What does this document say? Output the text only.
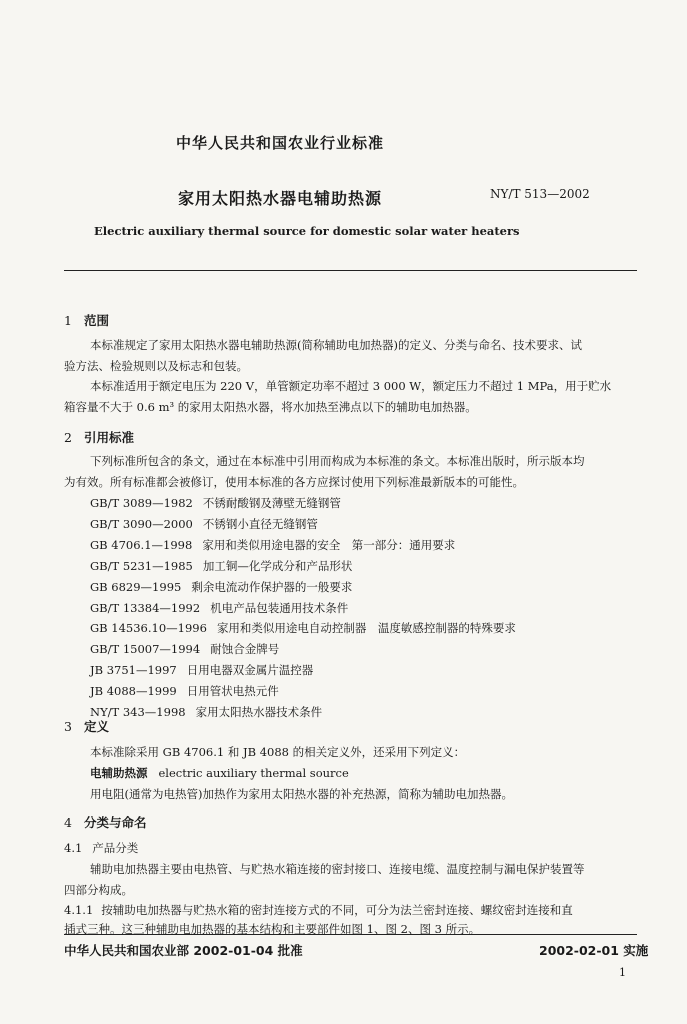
中华人民共和国农业行业标准
家用太阳热水器电辅助热源	NY/T 513—2002
Electric auxiliary thermal source for domestic solar water heaters
1 范围
本标准规定了家用太阳热水器电辅助热源(简称辅助电加热器)的定义、分类与命名、技术要求、试
验方法、检验规则以及标志和包装。
本标准适用于额定电压为 220 V，单管额定功率不超过 3 000 W，额定压力不超过 1 MPa，用于贮水
箱容量不大于 0.6 m³ 的家用太阳热水器，将水加热至沸点以下的辅助电加热器。
2 引用标准
下列标准所包含的条文，通过在本标准中引用而构成为本标准的条文。本标准出版时，所示版本均
为有效。所有标准都会被修订，使用本标准的各方应探讨使用下列标准最新版本的可能性。
GB/T 3089—1982 不锈耐酸钢及薄壁无缝钢管
GB/T 3090—2000 不锈钢小直径无缝钢管
GB 4706.1—1998 家用和类似用途电器的安全　第一部分：通用要求
GB/T 5231—1985 加工铜—化学成分和产品形状
GB 6829—1995 剩余电流动作保护器的一般要求
GB/T 13384—1992 机电产品包装通用技术条件
GB 14536.10—1996 家用和类似用途电自动控制器　温度敏感控制器的特殊要求
GB/T 15007—1994 耐蚀合金牌号
JB 3751—1997 日用电器双金属片温控器
JB 4088—1999 日用管状电热元件
NY/T 343—1998 家用太阳热水器技术条件
3 定义
本标准除采用 GB 4706.1 和 JB 4088 的相关定义外，还采用下列定义：
电辅助热源 electric auxiliary thermal source
用电阻(通常为电热管)加热作为家用太阳热水器的补充热源，简称为辅助电加热器。
4 分类与命名
4.1 产品分类
辅助电加热器主要由电热管、与贮热水箱连接的密封接口、连接电缆、温度控制与漏电保护装置等
四部分构成。
4.1.1 按辅助电加热器与贮热水箱的密封连接方式的不同，可分为法兰密封连接、螺纹密封连接和直
插式三种。这三种辅助电加热器的基本结构和主要部件如图 1、图 2、图 3 所示。
中华人民共和国农业部 2002-01-04 批准	2002-02-01 实施
1
